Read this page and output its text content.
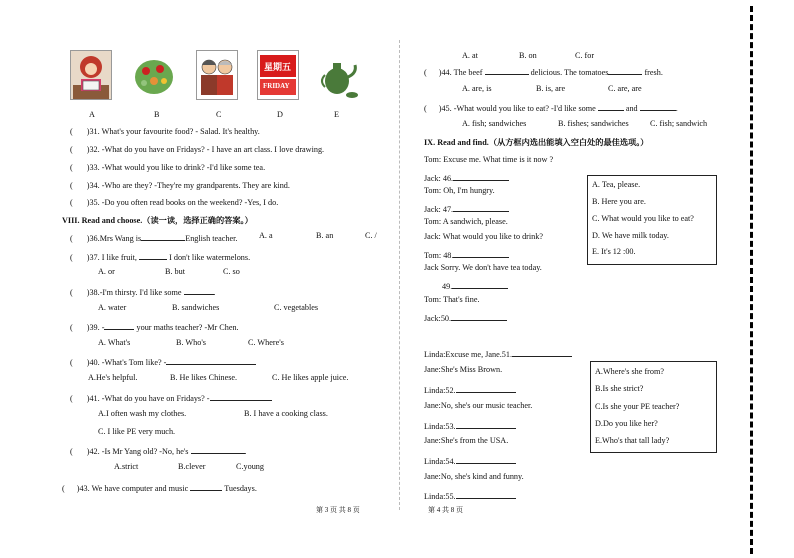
星期五
FRIDAY
A	B	C	D	E
( )31. What's your favourite food? - Salad. It's healthy.
( )32. -What do you have on Fridays? - I have an art class. I love drawing.
( )33. -What would you like to drink? -I'd like some tea.
( )34. -Who are they? -They're my grandparents. They are kind.
( )35. -Do you often read books on the weekend? -Yes, I do.
VIII. Read and choose.（读一读，选择正确的答案。）
( )36.Mrs Wang is	English teacher.	A. a	B. an	C. /
( )37. I like fruit,	I don't like watermelons.
A. or	B. but	C. so
( )38.-I'm thirsty. I'd like some	.
A. water	B. sandwiches	C. vegetables
( )39. -	your maths teacher? -Mr Chen.
A. What's	B. Who's	C. Where's
( )40. -What's Tom like? -
A.He's helpful.	B. He likes Chinese.	C. He likes apple juice.
( )41. -What do you have on Fridays? -
A.I often wash my clothes.	B. I have a cooking class.
C. I like PE very much.
( )42. -Is Mr Yang old? -No, he's	.
A.strict	B.clever	C.young
( )43. We have computer and music	Tuesdays.
第 3 页 共 8 页
A. at	B. on	C. for
( )44. The beef	delicious. The tomatoes	fresh.
A. are, is	B. is, are	C. are, are
( )45. -What would you like to eat? -I'd like some	and	.
A. fish; sandwiches	B. fishes; sandwiches	C. fish; sandwich
IX. Read and find.（从方框内选出能填入空白处的最佳选项。）
Tom: Excuse me. What time is it now ?
Jack: 46.
Tom: Oh, I'm hungry.
Jack: 47.
Tom: A sandwich, please.
Jack: What would you like to drink?
Tom: 48.
Jack Sorry. We don't have tea today.
49.
Tom: That's fine.
Jack:50.
A. Tea, please.
B. Here you are.
C. What would you like to eat?
D. We have milk today.
E. It's 12 :00.
Linda:Excuse me, Jane.51.
Jane:She's Miss Brown.
Linda:52.
Jane:No, she's our music teacher.
Linda:53.
Jane:She's from the USA.
Linda:54.
Jane:No, she's kind and funny.
Linda:55.
A.Where's she from?
B.Is she strict?
C.Is she your PE teacher?
D.Do you like her?
E.Who's that tall lady?
第 4 共 8 页
